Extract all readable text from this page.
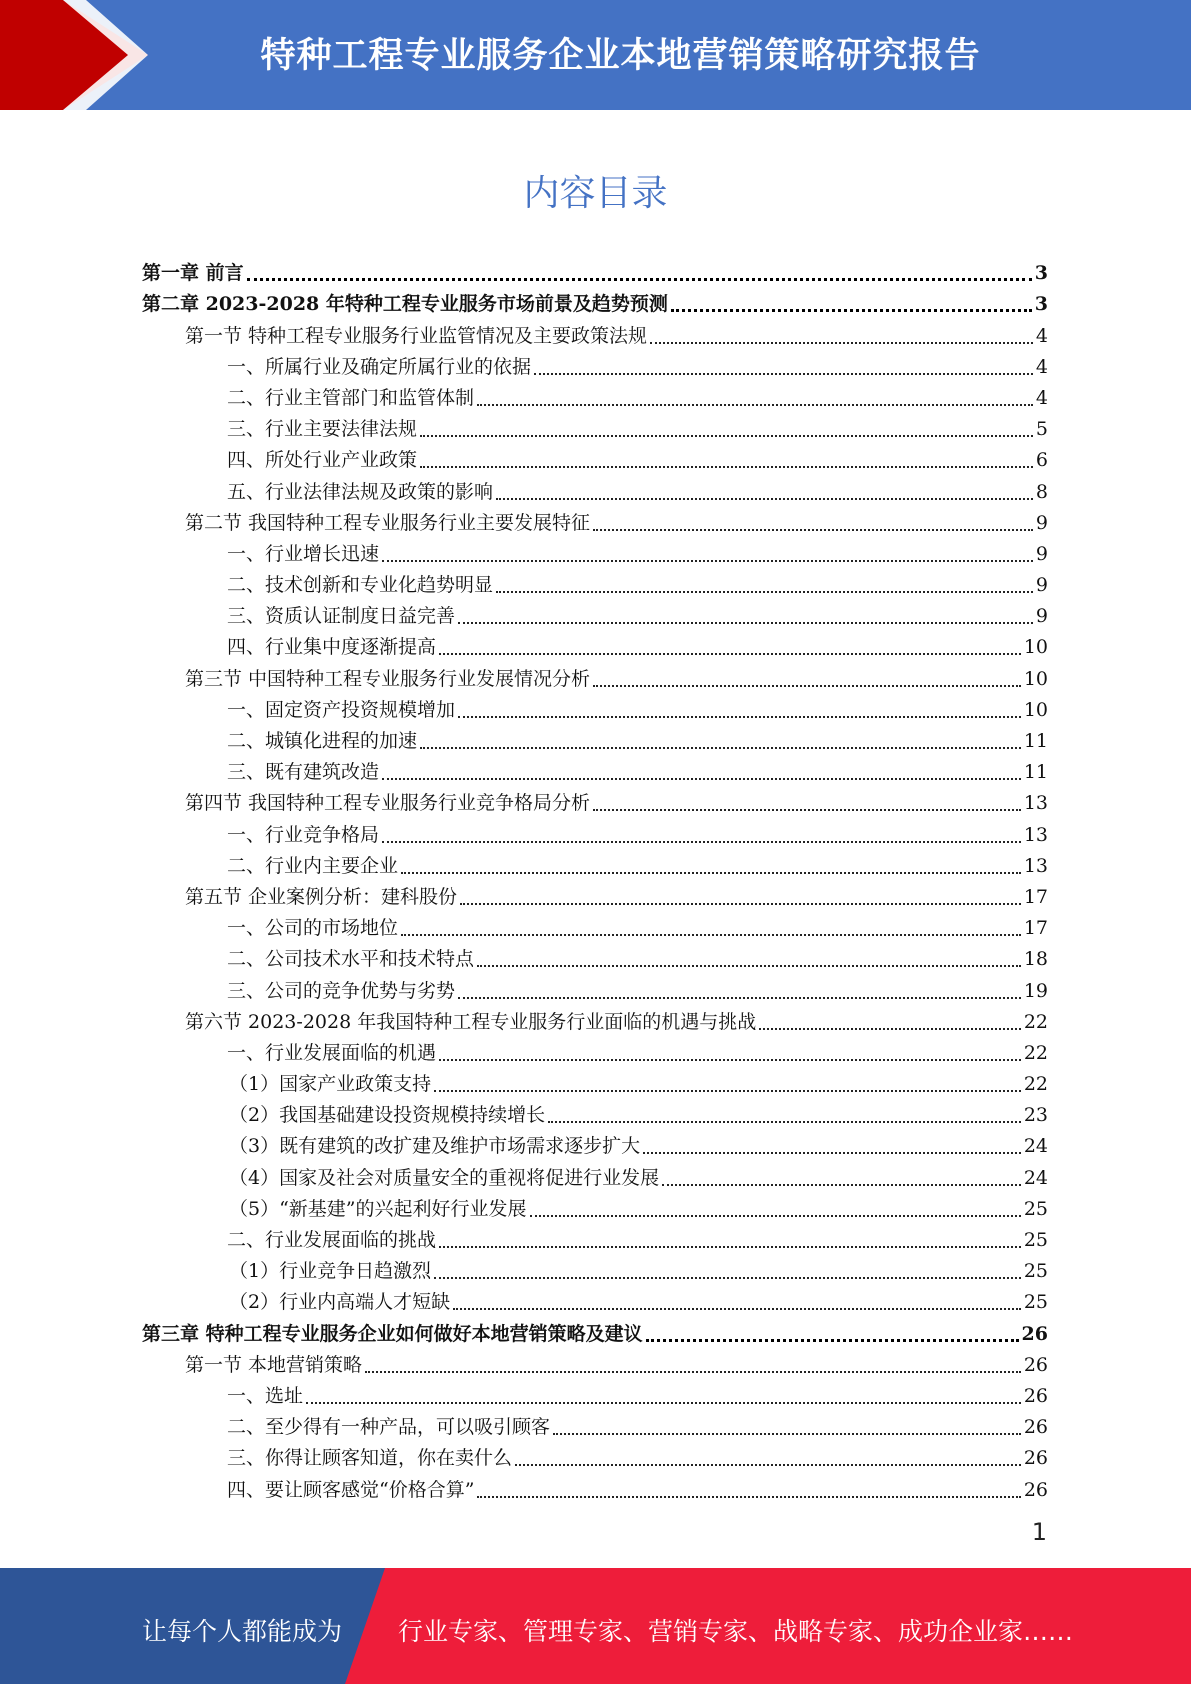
特种工程专业服务企业本地营销策略研究报告
内容目录
第一章 前言	3
第二章 2023-2028 年特种工程专业服务市场前景及趋势预测	3
第一节 特种工程专业服务行业监管情况及主要政策法规	4
一、所属行业及确定所属行业的依据	4
二、行业主管部门和监管体制	4
三、行业主要法律法规	5
四、所处行业产业政策	6
五、行业法律法规及政策的影响	8
第二节 我国特种工程专业服务行业主要发展特征	9
一、行业增长迅速	9
二、技术创新和专业化趋势明显	9
三、资质认证制度日益完善	9
四、行业集中度逐渐提高	10
第三节 中国特种工程专业服务行业发展情况分析	10
一、固定资产投资规模增加	10
二、城镇化进程的加速	11
三、既有建筑改造	11
第四节 我国特种工程专业服务行业竞争格局分析	13
一、行业竞争格局	13
二、行业内主要企业	13
第五节 企业案例分析：建科股份	17
一、公司的市场地位	17
二、公司技术水平和技术特点	18
三、公司的竞争优势与劣势	19
第六节 2023-2028 年我国特种工程专业服务行业面临的机遇与挑战	22
一、行业发展面临的机遇	22
（1）国家产业政策支持	22
（2）我国基础建设投资规模持续增长	23
（3）既有建筑的改扩建及维护市场需求逐步扩大	24
（4）国家及社会对质量安全的重视将促进行业发展	24
（5）“新基建”的兴起利好行业发展	25
二、行业发展面临的挑战	25
（1）行业竞争日趋激烈	25
（2）行业内高端人才短缺	25
第三章 特种工程专业服务企业如何做好本地营销策略及建议	26
第一节 本地营销策略	26
一、选址	26
二、至少得有一种产品，可以吸引顾客	26
三、你得让顾客知道，你在卖什么	26
四、要让顾客感觉“价格合算”	26
1
让每个人都能成为 行业专家、管理专家、营销专家、战略专家、成功企业家……
